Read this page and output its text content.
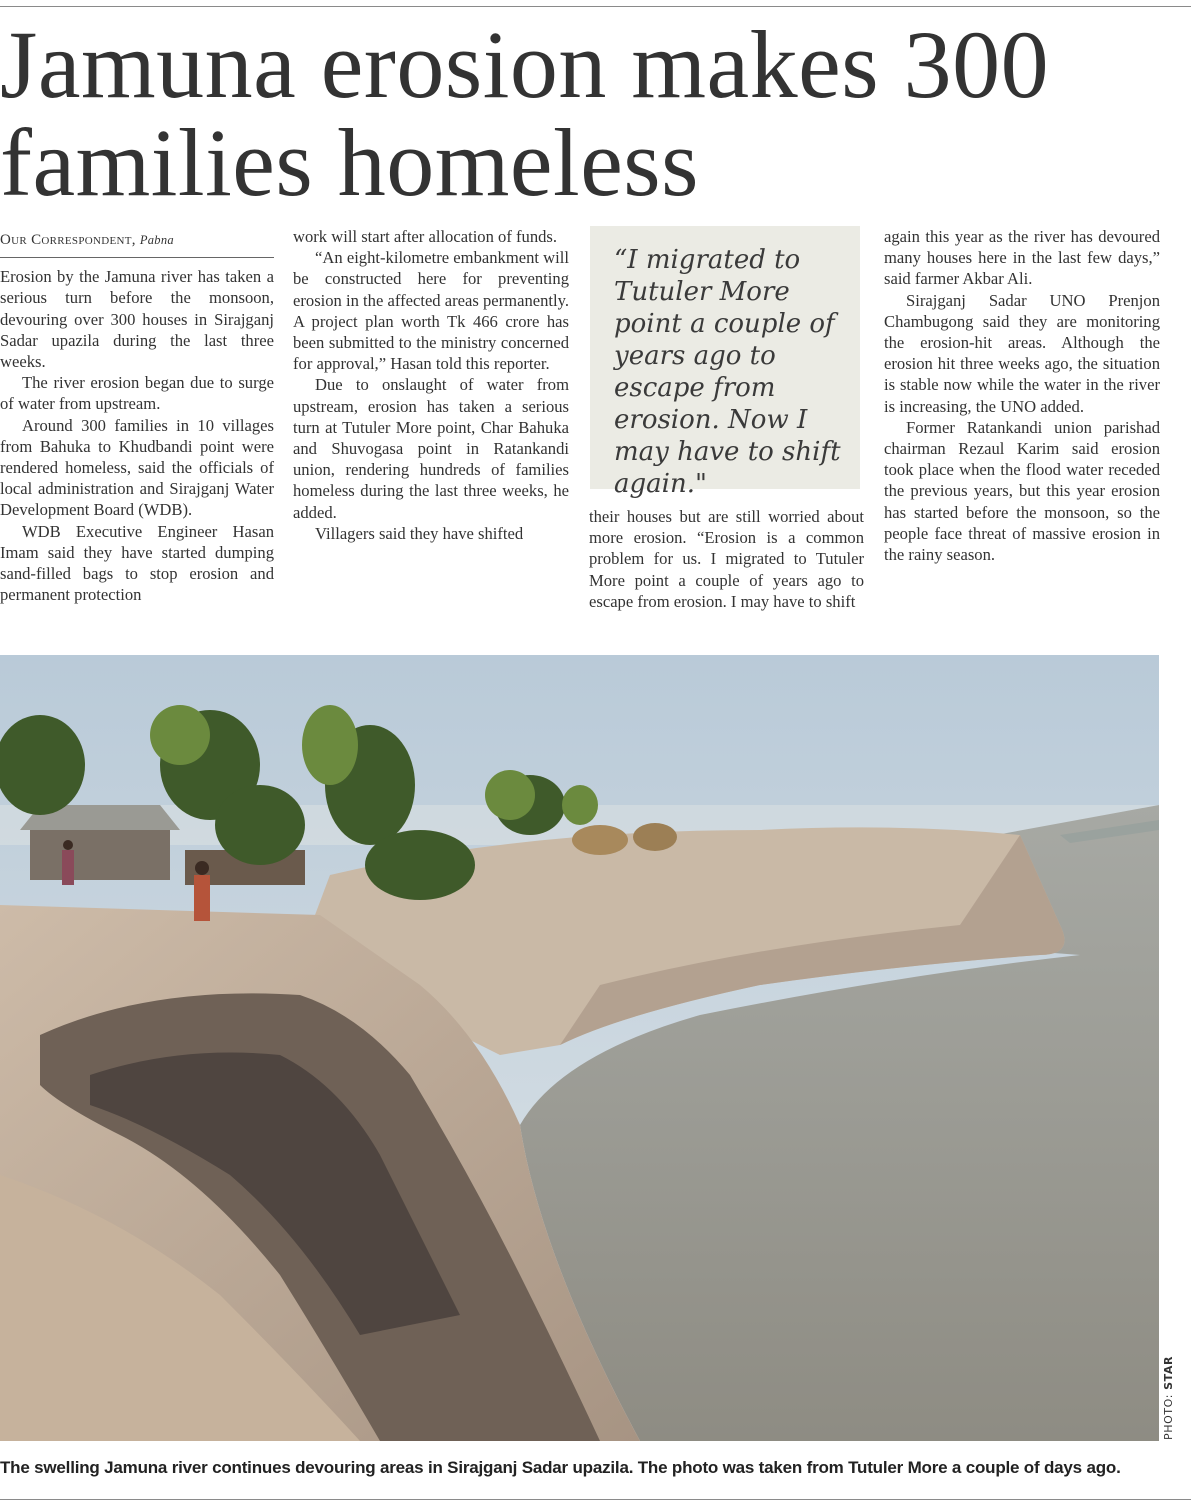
Jamuna erosion makes 300 families homeless
Our Correspondent, Pabna

Erosion by the Jamuna river has taken a serious turn before the monsoon, devouring over 300 houses in Sirajganj Sadar upazila during the last three weeks.

The river erosion began due to surge of water from upstream.

Around 300 families in 10 villages from Bahuka to Khudbandi point were rendered homeless, said the officials of local administration and Sirajganj Water Development Board (WDB).

WDB Executive Engineer Hasan Imam said they have started dumping sand-filled bags to stop erosion and permanent protection

work will start after allocation of funds.

“An eight-kilometre embankment will be constructed here for preventing erosion in the affected areas permanently. A project plan worth Tk 466 crore has been submitted to the ministry concerned for approval,” Hasan told this reporter.

Due to onslaught of water from upstream, erosion has taken a serious turn at Tutuler More point, Char Bahuka and Shuvogasa point in Ratankandi union, rendering hundreds of families homeless during the last three weeks, he added.

Villagers said they have shifted

“I migrated to Tutuler More point a couple of years ago to escape from erosion. Now I may have to shift again."

their houses but are still worried about more erosion. “Erosion is a common problem for us. I migrated to Tutuler More point a couple of years ago to escape from erosion. I may have to shift

again this year as the river has devoured many houses here in the last few days,” said farmer Akbar Ali.

Sirajganj Sadar UNO Prenjon Chambugong said they are monitoring the erosion-hit areas. Although the erosion hit three weeks ago, the situation is stable now while the water in the river is increasing, the UNO added.

Former Ratankandi union parishad chairman Rezaul Karim said erosion took place when the flood water receded the previous years, but this year erosion has started before the monsoon, so the people face threat of massive erosion in the rainy season.

PHOTO: STAR
The swelling Jamuna river continues devouring areas in Sirajganj Sadar upazila. The photo was taken from Tutuler More a couple of days ago.
